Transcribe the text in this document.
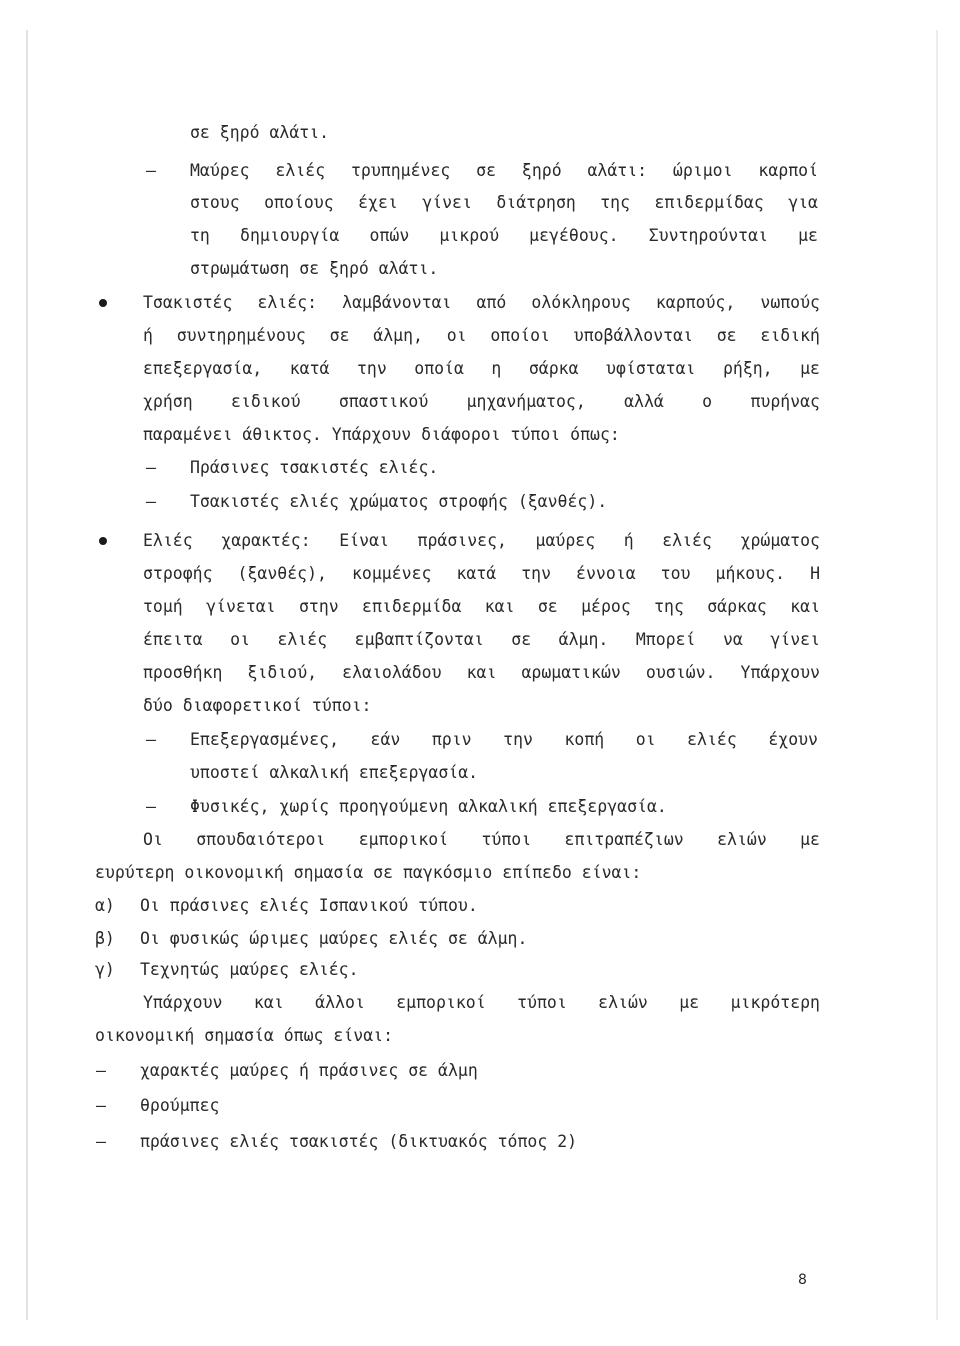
σε ξηρό αλάτι.
– Μαύρες ελιές τρυπημένες σε ξηρό αλάτι: ώριμοι καρποί
στους οποίους έχει γίνει διάτρηση της επιδερμίδας για
τη δημιουργία οπών μικρού μεγέθους. Συντηρούνται με
στρωμάτωση σε ξηρό αλάτι.
Τσακιστές ελιές: λαμβάνονται από ολόκληρους καρπούς, νωπούς
ή συντηρημένους σε άλμη, οι οποίοι υποβάλλονται σε ειδική
επεξεργασία, κατά την οποία η σάρκα υφίσταται ρήξη, με
χρήση ειδικού σπαστικού μηχανήματος, αλλά ο πυρήνας
παραμένει άθικτος. Υπάρχουν διάφοροι τύποι όπως:
– Πράσινες τσακιστές ελιές.
– Τσακιστές ελιές χρώματος στροφής (ξανθές).
Ελιές χαρακτές: Είναι πράσινες, μαύρες ή ελιές χρώματος
στροφής (ξανθές), κομμένες κατά την έννοια του μήκους. Η
τομή γίνεται στην επιδερμίδα και σε μέρος της σάρκας και
έπειτα οι ελιές εμβαπτίζονται σε άλμη. Μπορεί να γίνει
προσθήκη ξιδιού, ελαιολάδου και αρωματικών ουσιών. Υπάρχουν
δύο διαφορετικοί τύποι:
– Επεξεργασμένες, εάν πριν την κοπή οι ελιές έχουν
υποστεί αλκαλική επεξεργασία.
– Φυσικές, χωρίς προηγούμενη αλκαλική επεξεργασία.
Οι σπουδαιότεροι εμπορικοί τύποι επιτραπέζιων ελιών με
ευρύτερη οικονομική σημασία σε παγκόσμιο επίπεδο είναι:
α) Οι πράσινες ελιές Ισπανικού τύπου.
β) Οι φυσικώς ώριμες μαύρες ελιές σε άλμη.
γ) Τεχνητώς μαύρες ελιές.
Υπάρχουν και άλλοι εμπορικοί τύποι ελιών με μικρότερη
οικονομική σημασία όπως είναι:
– χαρακτές μαύρες ή πράσινες σε άλμη
– θρούμπες
– πράσινες ελιές τσακιστές (δικτυακός τόπος 2)
8
